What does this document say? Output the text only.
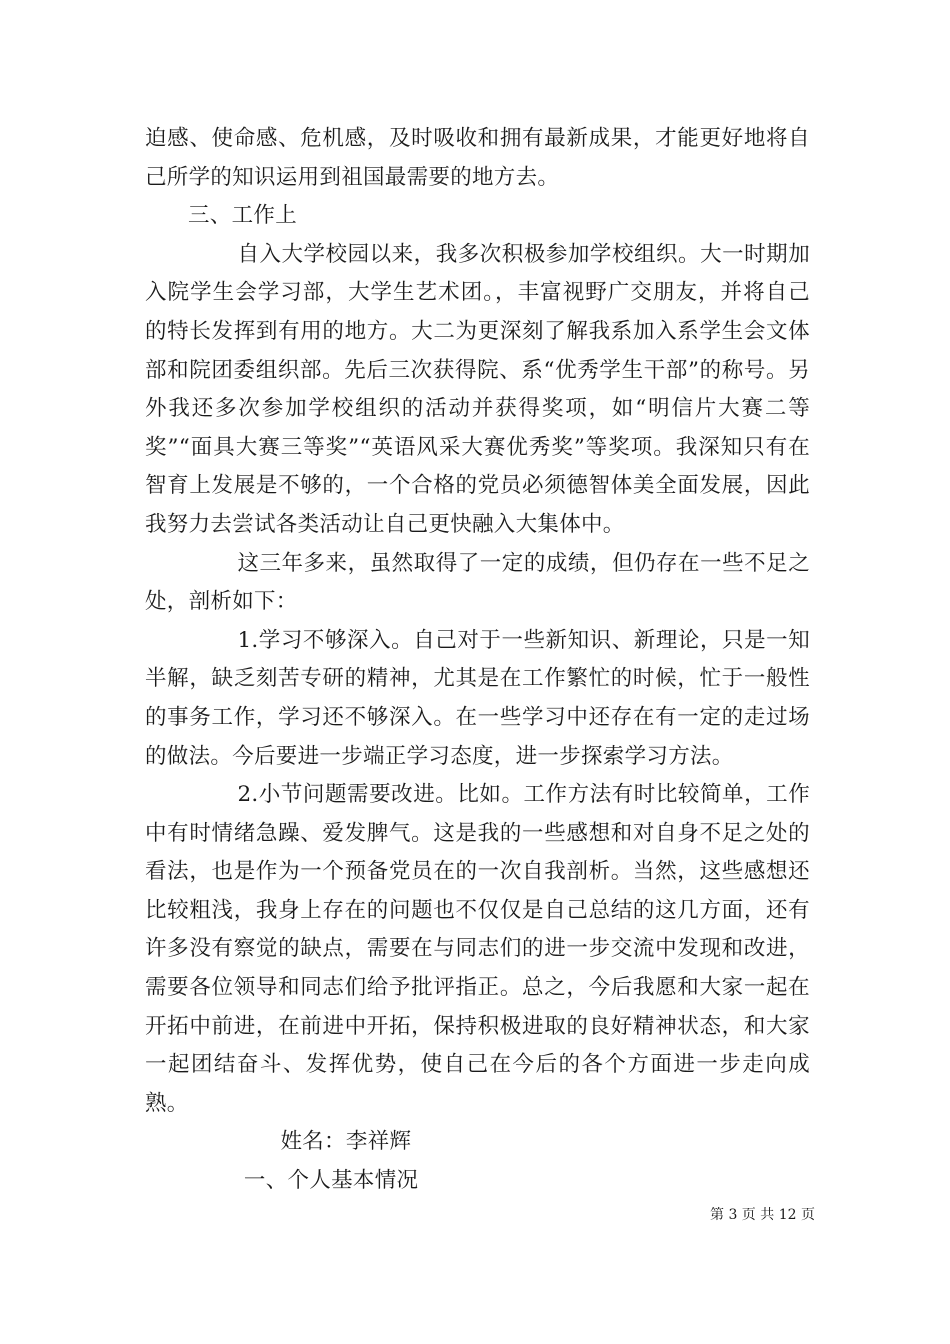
迫感、使命感、危机感，及时吸收和拥有最新成果，才能更好地将自己所学的知识运用到祖国最需要的地方去。

三、工作上

自入大学校园以来，我多次积极参加学校组织。大一时期加入院学生会学习部，大学生艺术团。，丰富视野广交朋友，并将自己的特长发挥到有用的地方。大二为更深刻了解我系加入系学生会文体部和院团委组织部。先后三次获得院、系“优秀学生干部”的称号。另外我还多次参加学校组织的活动并获得奖项，如“明信片大赛二等奖”“面具大赛三等奖”“英语风采大赛优秀奖”等奖项。我深知只有在智育上发展是不够的，一个合格的党员必须德智体美全面发展，因此我努力去尝试各类活动让自己更快融入大集体中。

这三年多来，虽然取得了一定的成绩，但仍存在一些不足之处，剖析如下：

1.学习不够深入。自己对于一些新知识、新理论，只是一知半解，缺乏刻苦专研的精神，尤其是在工作繁忙的时候，忙于一般性的事务工作，学习还不够深入。在一些学习中还存在有一定的走过场的做法。今后要进一步端正学习态度，进一步探索学习方法。

2.小节问题需要改进。比如。工作方法有时比较简单，工作中有时情绪急躁、爱发脾气。这是我的一些感想和对自身不足之处的看法，也是作为一个预备党员在的一次自我剖析。当然，这些感想还比较粗浅，我身上存在的问题也不仅仅是自己总结的这几方面，还有许多没有察觉的缺点，需要在与同志们的进一步交流中发现和改进，需要各位领导和同志们给予批评指正。总之，今后我愿和大家一起在开拓中前进，在前进中开拓，保持积极进取的良好精神状态，和大家一起团结奋斗、发挥优势，使自己在今后的各个方面进一步走向成熟。

姓名：李祥辉

一、个人基本情况

第 3 页 共 12 页
